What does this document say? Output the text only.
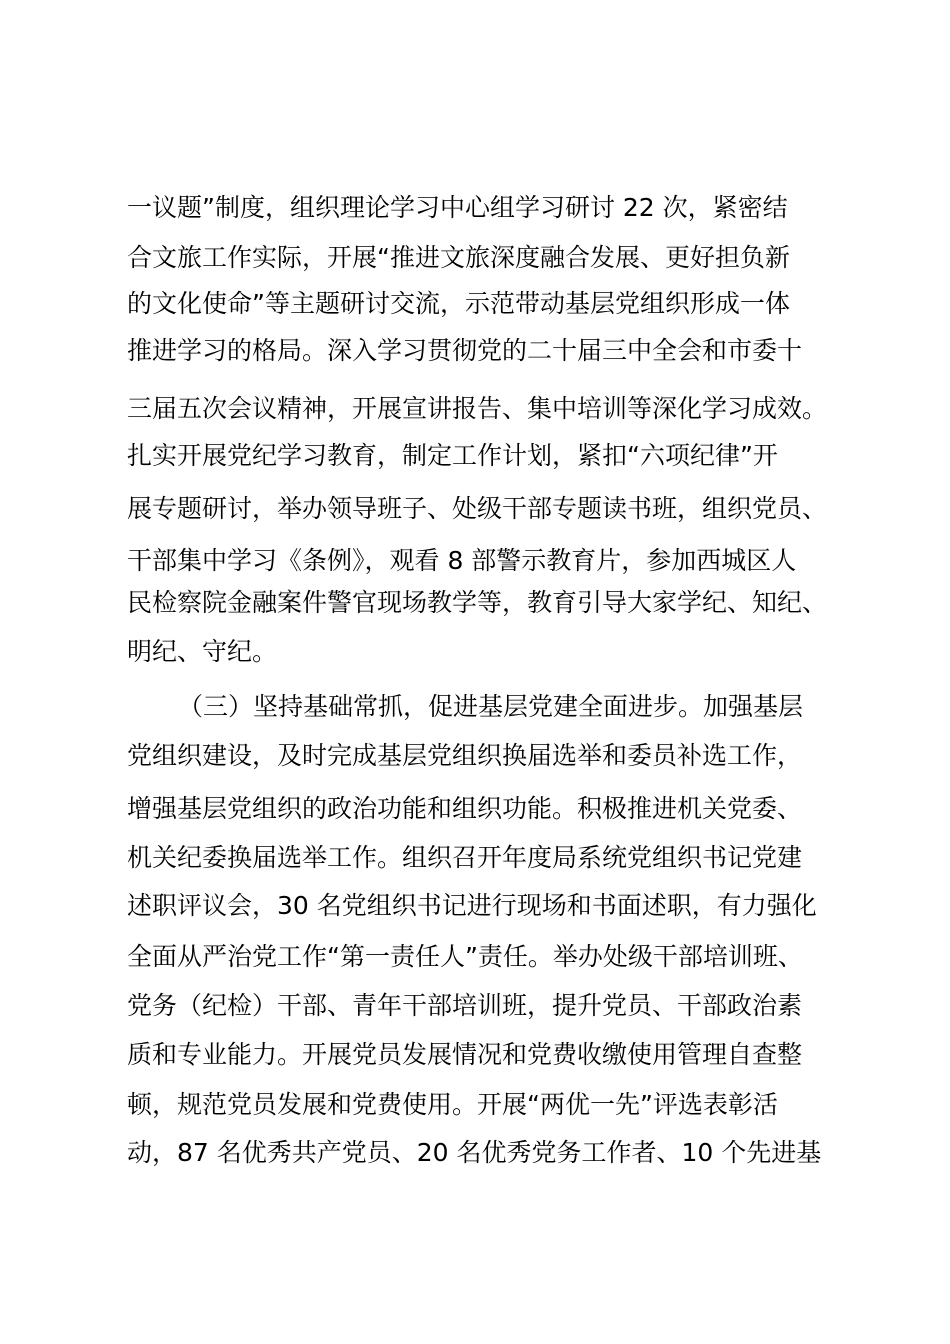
一议题”制度，组织理论学习中心组学习研讨 22 次，紧密结
合文旅工作实际，开展“推进文旅深度融合发展、更好担负新
的文化使命”等主题研讨交流，示范带动基层党组织形成一体
推进学习的格局。深入学习贯彻党的二十届三中全会和市委十
三届五次会议精神，开展宣讲报告、集中培训等深化学习成效。
扎实开展党纪学习教育，制定工作计划，紧扣“六项纪律”开
展专题研讨，举办领导班子、处级干部专题读书班，组织党员、
干部集中学习《条例》，观看 8 部警示教育片，参加西城区人
民检察院金融案件警官现场教学等，教育引导大家学纪、知纪、
明纪、守纪。
（三）坚持基础常抓，促进基层党建全面进步。加强基层
党组织建设，及时完成基层党组织换届选举和委员补选工作，
增强基层党组织的政治功能和组织功能。积极推进机关党委、
机关纪委换届选举工作。组织召开年度局系统党组织书记党建
述职评议会，30 名党组织书记进行现场和书面述职，有力强化
全面从严治党工作“第一责任人”责任。举办处级干部培训班、
党务（纪检）干部、青年干部培训班，提升党员、干部政治素
质和专业能力。开展党员发展情况和党费收缴使用管理自查整
顿，规范党员发展和党费使用。开展“两优一先”评选表彰活
动，87 名优秀共产党员、20 名优秀党务工作者、10 个先进基
